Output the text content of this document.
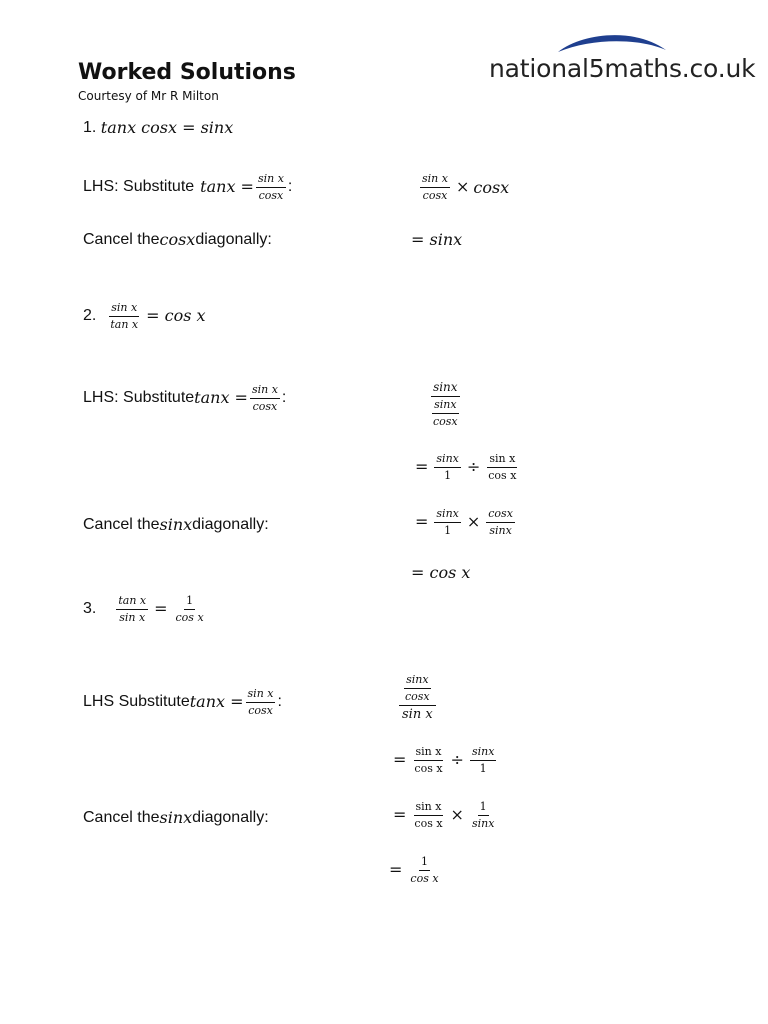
Worked Solutions
Courtesy of Mr R Milton
national5maths.co.uk
1.
tanx cosx = sinx
LHS: Substitute $\tan x = \frac{\text{sin x}}{\cos x}$ :	$\frac{\text{sin x}}{\cos x} \times \cos x$
Cancel the cosx diagonally:	= sinx
2. $\frac{\text{sin x}}{\text{tan x}} = \cos x$
LHS: Substitute $\tan x = \frac{\text{sin x}}{\cos x}$ :	$\frac{\sin x}{\frac{\sin x}{\cos x}}$
= $\frac{\sin x}{1} \div \frac{\text{sin x}}{\text{cos x}}$
Cancel the sinx diagonally:	= $\frac{\sin x}{1} \times \frac{\cos x}{\sin x}$
= cos x
3. $\frac{\text{tan x}}{\text{sin x}} = \frac{1}{\text{cos x}}$
LHS Substitute $\tan x = \frac{\text{sin x}}{\cos x}$ :	$\frac{\frac{\sin x}{\cos x}}{\text{sin x}}$
= $\frac{\text{sin x}}{\text{cos x}} \div \frac{\sin x}{1}$
Cancel the sinx diagonally:	= $\frac{\text{sin x}}{\text{cos x}} \times \frac{1}{\sin x}$
= $\frac{1}{\text{cos x}}$
